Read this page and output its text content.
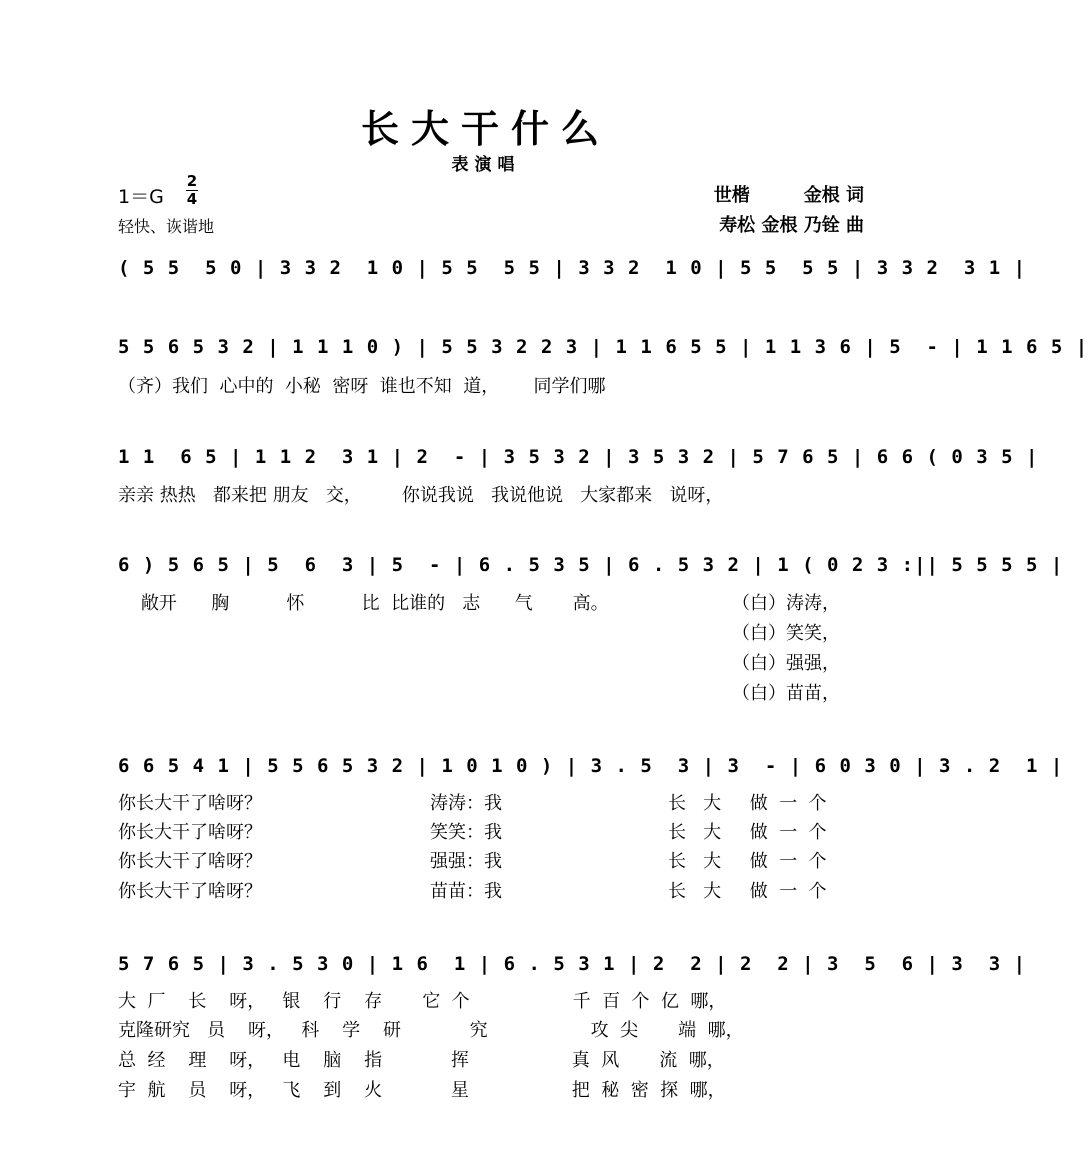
长大干什么
表演唱
1＝G
2
4
轻快、诙谐地
世楷　　　金根 词
寿松 金根 乃铨 曲
( 5 5  5 0 | 3 3 2  1 0 | 5 5  5 5 | 3 3 2  1 0 | 5 5  5 5 | 3 3 2  3 1 |
5 5 6 5 3 2 | 1 1 1 0 ) | 5 5 3 2 2 3 | 1 1 6 5 5 | 1 1 3 6 | 5  - | 1 1 6 5 |
（齐）我们  心中的  小秘  密呀  谁也不知  道，      同学们哪
1 1  6 5 | 1 1 2  3 1 | 2  - | 3 5 3 2 | 3 5 3 2 | 5 7 6 5 | 6 6 ( 0 3 5 |
亲亲 热热   都来把 朋友   交，       你说我说   我说他说   大家都来   说呀，
6 ) 5 6 5 | 5  6  3 | 5  - | 6 . 5 3 5 | 6 . 5 3 2 | 1 ( 0 2 3 :|| 5 5 5 5 |
敞开      胸          怀          比  比谁的   志      气       高。	（白）涛涛，
（白）笑笑，
（白）强强，
（白）苗苗，
6 6 5 4 1 | 5 5 6 5 3 2 | 1 0 1 0 ) | 3 . 5  3 | 3  - | 6 0 3 0 | 3 . 2  1 |
你长大干了啥呀？	涛涛：我	长   大     做  一  个
你长大干了啥呀？	笑笑：我	长   大     做  一  个
你长大干了啥呀？	强强：我	长   大     做  一  个
你长大干了啥呀？	苗苗：我	长   大     做  一  个
5 7 6 5 | 3 . 5 3 0 | 1 6  1 | 6 . 5 3 1 | 2  2 | 2  2 | 3  5  6 | 3  3 |
大  厂    长    呀，   银    行    存       它  个                  千  百  个  亿  哪，
克隆研究   员    呀，   科    学    研            究                  攻  尖       端  哪，
总  经    理    呀，   电    脑    指            挥                  真  风       流  哪，
宇  航    员    呀，   飞    到    火            星                  把  秘  密  探  哪，
